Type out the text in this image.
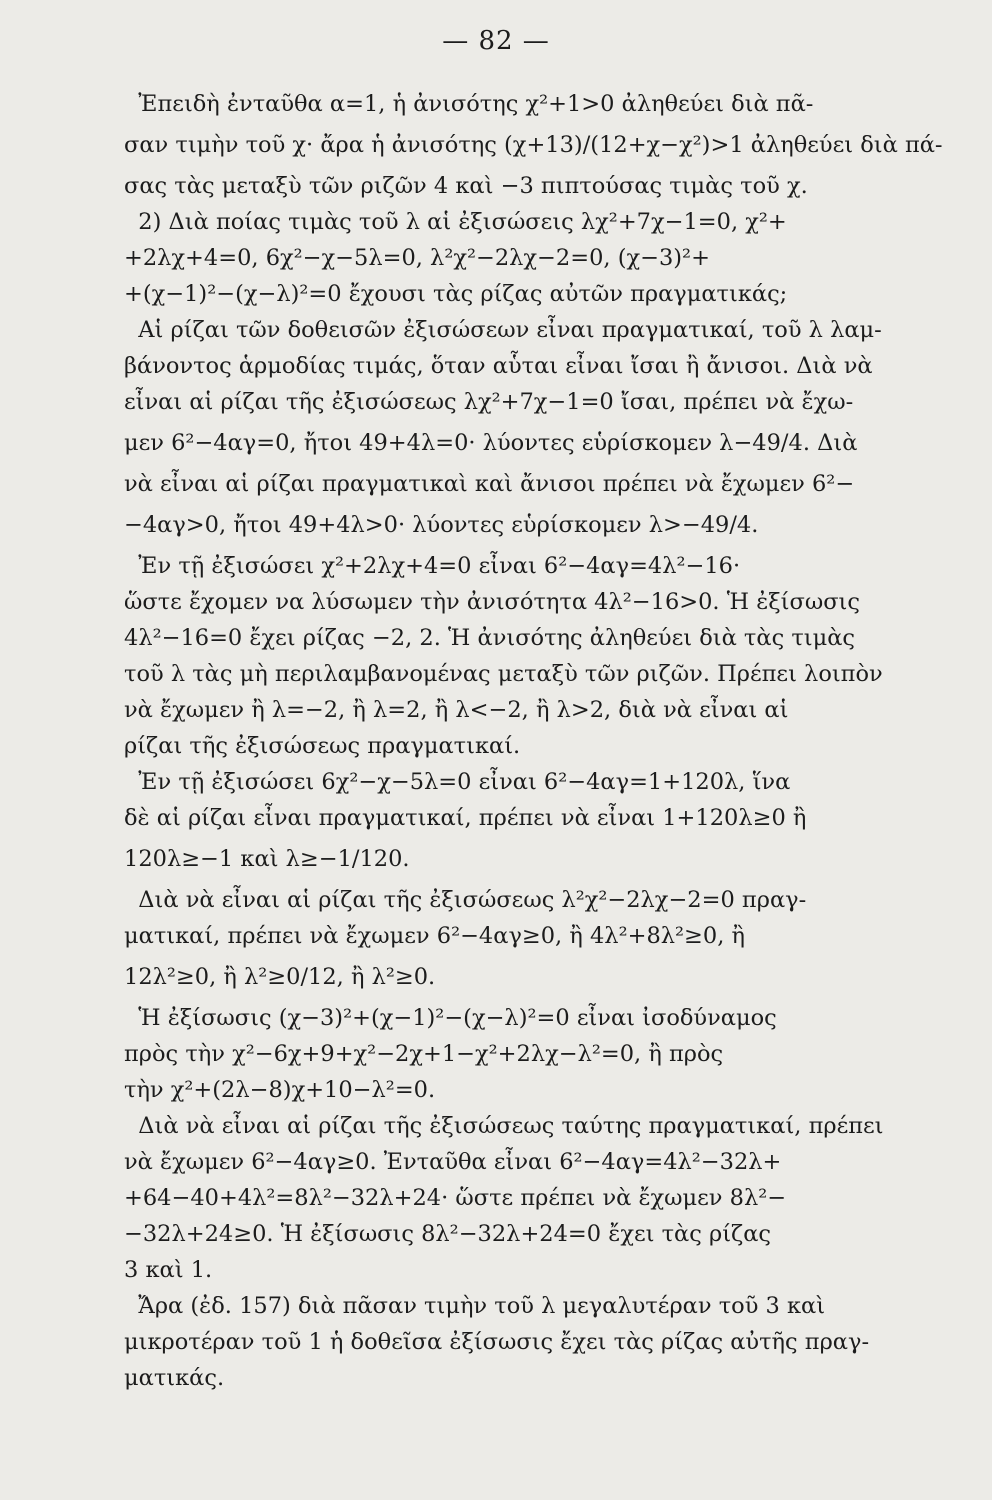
— 82 —
Ἐπειδὴ ἐνταῦθα α=1, ἡ ἀνισότης χ²+1>0 ἀληθεύει διὰ πᾶ-
σαν τιμὴν τοῦ χ· ἄρα ἡ ἀνισότης (χ+13)/(12+χ−χ²)>1 ἀληθεύει διὰ πά-
σας τὰς μεταξὺ τῶν ριζῶν 4 καὶ −3 πιπτούσας τιμὰς τοῦ χ.
2) Διὰ ποίας τιμὰς τοῦ λ αἱ ἐξισώσεις λχ²+7χ−1=0, χ²+
+2λχ+4=0, 6χ²−χ−5λ=0, λ²χ²−2λχ−2=0, (χ−3)²+
+(χ−1)²−(χ−λ)²=0 ἔχουσι τὰς ρίζας αὐτῶν πραγματικάς;
Αἱ ρίζαι τῶν δοθεισῶν ἐξισώσεων εἶναι πραγματικαί, τοῦ λ λαμ-
βάνοντος ἁρμοδίας τιμάς, ὅταν αὗται εἶναι ἴσαι ἢ ἄνισοι. Διὰ νὰ
εἶναι αἱ ρίζαι τῆς ἐξισώσεως λχ²+7χ−1=0 ἴσαι, πρέπει νὰ ἔχω-
μεν 6²−4αγ=0, ἤτοι 49+4λ=0· λύοντες εὑρίσκομεν λ−49/4. Διὰ
νὰ εἶναι αἱ ρίζαι πραγματικαὶ καὶ ἄνισοι πρέπει νὰ ἔχωμεν 6²−
−4αγ>0, ἤτοι 49+4λ>0· λύοντες εὑρίσκομεν λ>−49/4.
Ἐν τῇ ἐξισώσει χ²+2λχ+4=0 εἶναι 6²−4αγ=4λ²−16·
ὥστε ἔχομεν να λύσωμεν τὴν ἀνισότητα 4λ²−16>0. Ἡ ἐξίσωσις
4λ²−16=0 ἔχει ρίζας −2, 2. Ἡ ἀνισότης ἀληθεύει διὰ τὰς τιμὰς
τοῦ λ τὰς μὴ περιλαμβανομένας μεταξὺ τῶν ριζῶν. Πρέπει λοιπὸν
νὰ ἔχωμεν ἢ λ=−2, ἢ λ=2, ἢ λ<−2, ἢ λ>2, διὰ νὰ εἶναι αἱ
ρίζαι τῆς ἐξισώσεως πραγματικαί.
Ἐν τῇ ἐξισώσει 6χ²−χ−5λ=0 εἶναι 6²−4αγ=1+120λ, ἵνα
δὲ αἱ ρίζαι εἶναι πραγματικαί, πρέπει νὰ εἶναι 1+120λ≥0 ἢ
120λ≥−1 καὶ λ≥−1/120.
Διὰ νὰ εἶναι αἱ ρίζαι τῆς ἐξισώσεως λ²χ²−2λχ−2=0 πραγ-
ματικαί, πρέπει νὰ ἔχωμεν 6²−4αγ≥0, ἢ 4λ²+8λ²≥0, ἢ
12λ²≥0, ἢ λ²≥0/12, ἢ λ²≥0.
Ἡ ἐξίσωσις (χ−3)²+(χ−1)²−(χ−λ)²=0 εἶναι ἰσοδύναμος
πρὸς τὴν χ²−6χ+9+χ²−2χ+1−χ²+2λχ−λ²=0, ἢ πρὸς
τὴν χ²+(2λ−8)χ+10−λ²=0.
Διὰ νὰ εἶναι αἱ ρίζαι τῆς ἐξισώσεως ταύτης πραγματικαί, πρέπει
νὰ ἔχωμεν 6²−4αγ≥0. Ἐνταῦθα εἶναι 6²−4αγ=4λ²−32λ+
+64−40+4λ²=8λ²−32λ+24· ὥστε πρέπει νὰ ἔχωμεν 8λ²−
−32λ+24≥0. Ἡ ἐξίσωσις 8λ²−32λ+24=0 ἔχει τὰς ρίζας
3 καὶ 1.
Ἄρα (ἐδ. 157) διὰ πᾶσαν τιμὴν τοῦ λ μεγαλυτέραν τοῦ 3 καὶ
μικροτέραν τοῦ 1 ἡ δοθεῖσα ἐξίσωσις ἔχει τὰς ρίζας αὐτῆς πραγ-
ματικάς.
